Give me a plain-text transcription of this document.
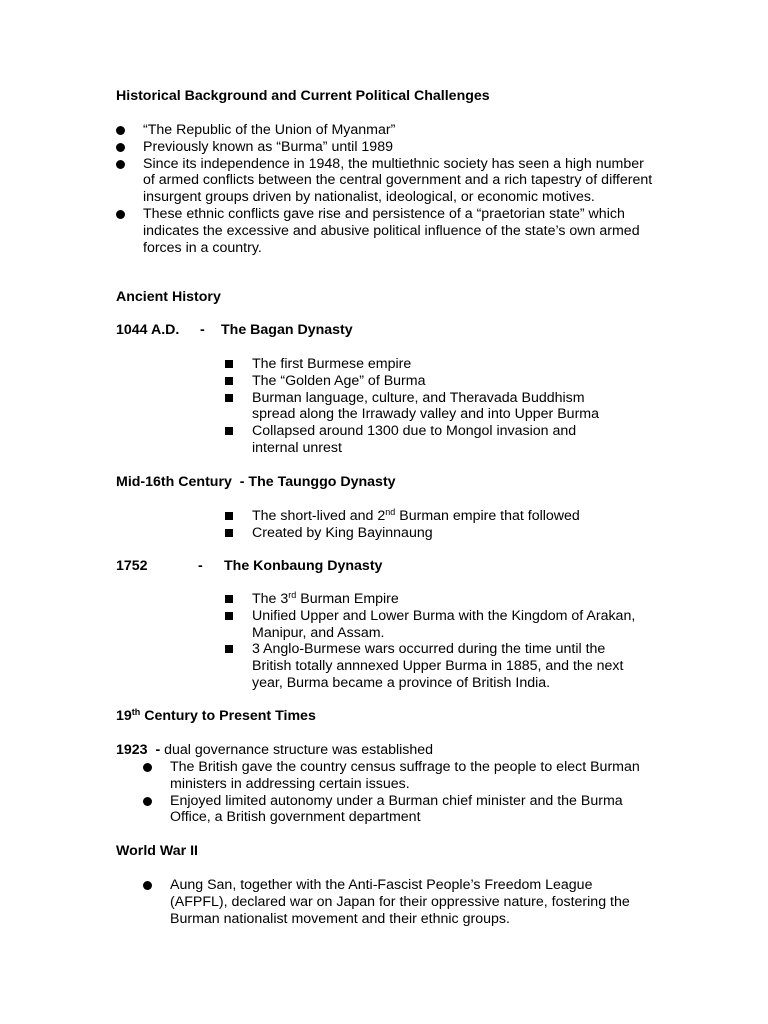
Historical Background and Current Political Challenges
“The Republic of the Union of Myanmar”
Previously known as “Burma” until 1989
Since its independence in 1948, the multiethnic society has seen a high number of armed conflicts between the central government and a rich tapestry of different insurgent groups driven by nationalist, ideological, or economic motives.
These ethnic conflicts gave rise and persistence of a “praetorian state” which indicates the excessive and abusive political influence of the state’s own armed forces in a country.
Ancient History
1044 A.D. - The Bagan Dynasty
The first Burmese empire
The “Golden Age” of Burma
Burman language, culture, and Theravada Buddhism spread along the Irrawady valley and into Upper Burma
Collapsed around 1300 due to Mongol invasion and internal unrest
Mid-16th Century  - The Taunggo Dynasty
The short-lived and 2nd Burman empire that followed
Created by King Bayinnaung
1752	- The Konbaung Dynasty
The 3rd Burman Empire
Unified Upper and Lower Burma with the Kingdom of Arakan, Manipur, and Assam.
3 Anglo-Burmese wars occurred during the time until the British totally annnexed Upper Burma in 1885, and the next year, Burma became a province of British India.
19th Century to Present Times
1923  - dual governance structure was established
The British gave the country census suffrage to the people to elect Burman ministers in addressing certain issues.
Enjoyed limited autonomy under a Burman chief minister and the Burma Office, a British government department
World War II
Aung San, together with the Anti-Fascist People’s Freedom League (AFPFL), declared war on Japan for their oppressive nature, fostering the Burman nationalist movement and their ethnic groups.
